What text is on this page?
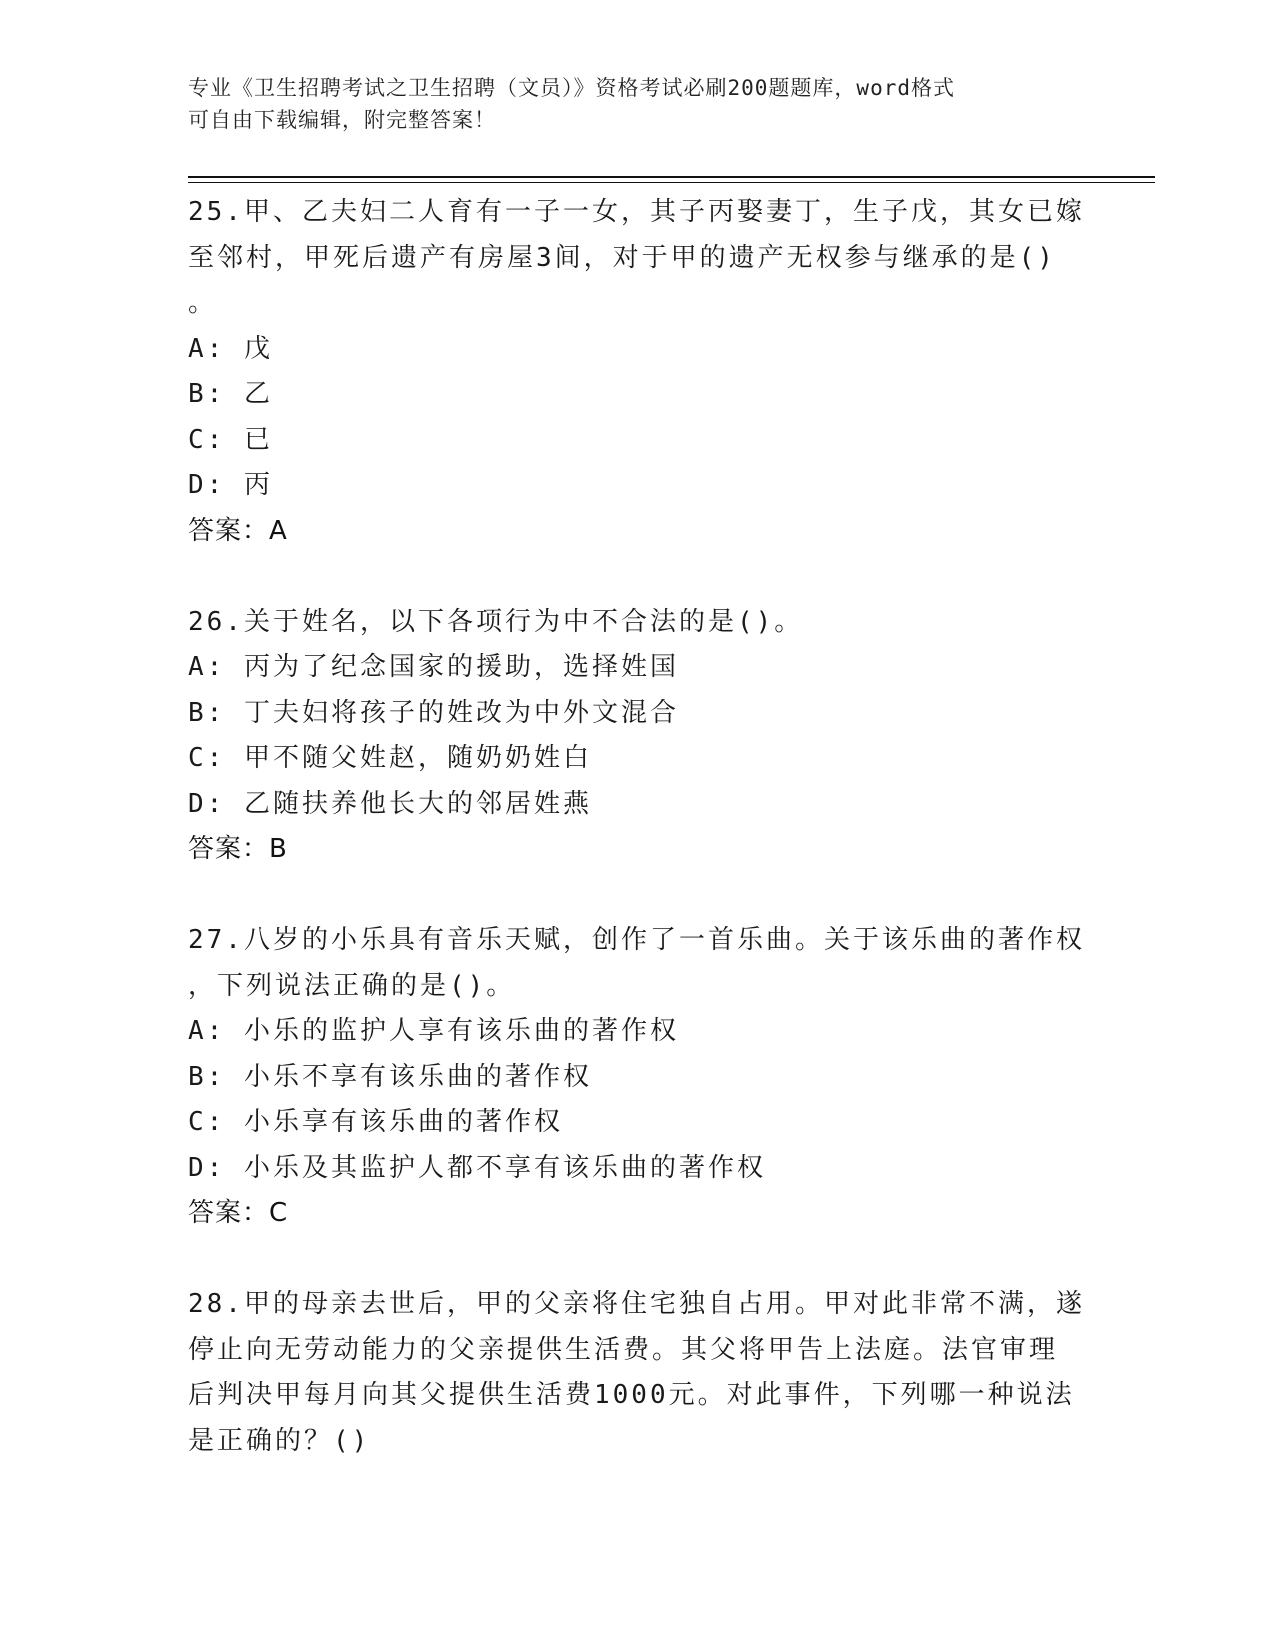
专业《卫生招聘考试之卫生招聘（文员）》资格考试必刷200题题库，word格式
可自由下载编辑，附完整答案！
25.甲、乙夫妇二人育有一子一女，其子丙娶妻丁，生子戊，其女已嫁
至邻村，甲死后遗产有房屋3间，对于甲的遗产无权参与继承的是()
。
A: 戊
B: 乙
C: 已
D: 丙
答案：A
26.关于姓名，以下各项行为中不合法的是()。
A: 丙为了纪念国家的援助，选择姓国
B: 丁夫妇将孩子的姓改为中外文混合
C: 甲不随父姓赵，随奶奶姓白
D: 乙随扶养他长大的邻居姓燕
答案：B
27.八岁的小乐具有音乐天赋，创作了一首乐曲。关于该乐曲的著作权
，下列说法正确的是()。
A: 小乐的监护人享有该乐曲的著作权
B: 小乐不享有该乐曲的著作权
C: 小乐享有该乐曲的著作权
D: 小乐及其监护人都不享有该乐曲的著作权
答案：C
28.甲的母亲去世后，甲的父亲将住宅独自占用。甲对此非常不满，遂
停止向无劳动能力的父亲提供生活费。其父将甲告上法庭。法官审理
后判决甲每月向其父提供生活费1000元。对此事件，下列哪一种说法
是正确的？()
